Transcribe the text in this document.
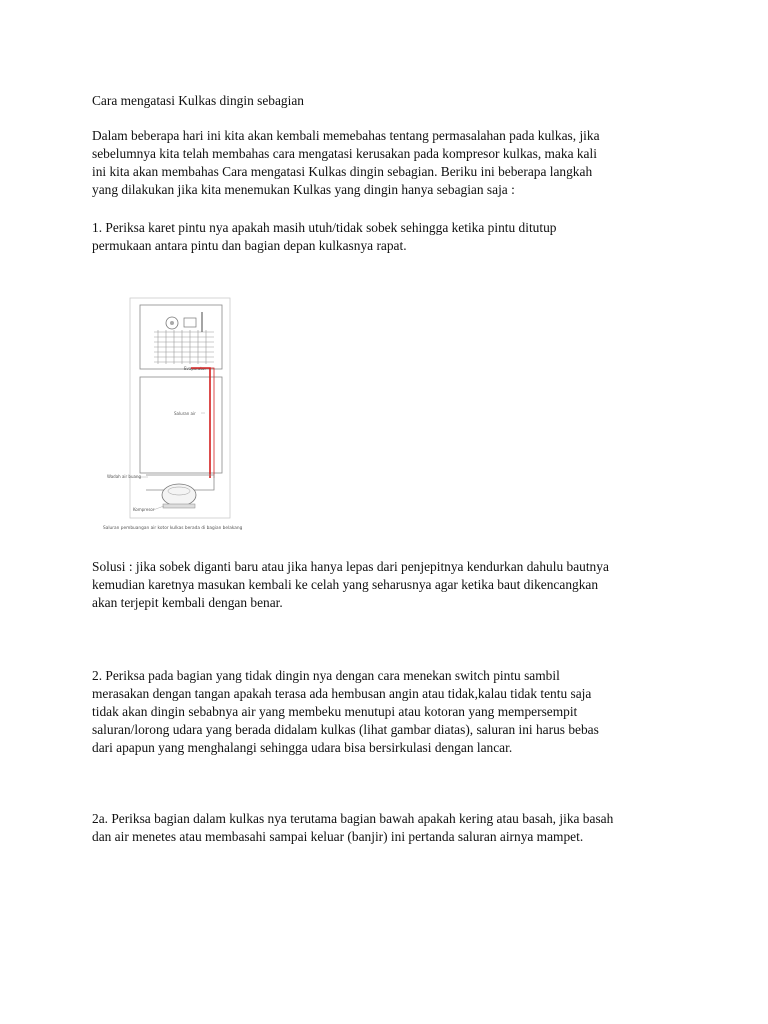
Cara mengatasi Kulkas dingin sebagian

Dalam beberapa hari ini kita akan kembali memebahas tentang permasalahan pada kulkas, jika
sebelumnya kita telah membahas cara mengatasi kerusakan pada kompresor kulkas, maka kali
ini kita akan membahas Cara mengatasi Kulkas dingin sebagian. Beriku ini beberapa langkah
yang dilakukan jika kita menemukan Kulkas yang dingin hanya sebagian saja :

1. Periksa karet pintu nya apakah masih utuh/tidak sobek sehingga ketika pintu ditutup
permukaan antara pintu dan bagian depan kulkasnya rapat.

Evaporator
Saluran air
Wadah air buang
Kompresor
Saluran pembuangan air kotor kulkas berada di bagian belakang

Solusi : jika sobek diganti baru atau jika hanya lepas dari penjepitnya kendurkan dahulu bautnya
kemudian karetnya masukan kembali ke celah yang seharusnya agar ketika baut dikencangkan
akan terjepit kembali dengan benar.

2. Periksa pada bagian yang tidak dingin nya dengan cara menekan switch pintu sambil
merasakan dengan tangan apakah terasa ada hembusan angin atau tidak,kalau tidak tentu saja
tidak akan dingin sebabnya air yang membeku menutupi atau kotoran yang mempersempit
saluran/lorong udara yang berada didalam kulkas (lihat gambar diatas), saluran ini harus bebas
dari apapun yang menghalangi sehingga udara bisa bersirkulasi dengan lancar.

2a. Periksa bagian dalam kulkas nya terutama bagian bawah apakah kering atau basah, jika basah
dan air menetes atau membasahi sampai keluar (banjir) ini pertanda saluran airnya mampet.
